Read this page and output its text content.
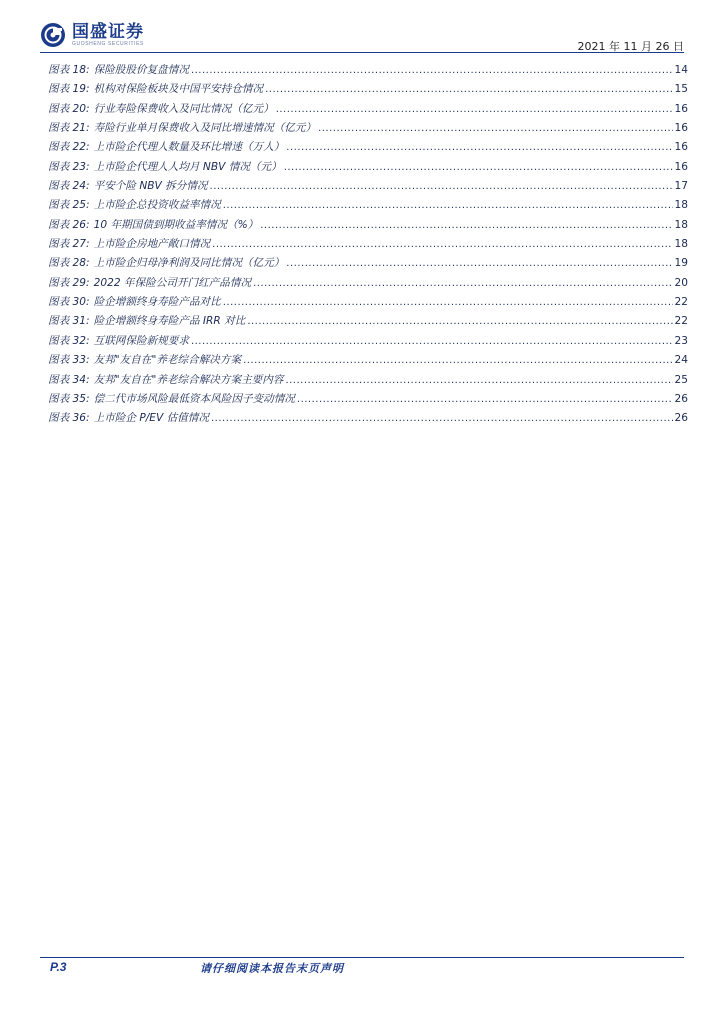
国盛证券
GUOSHENG SECURITIES	2021 年 11 月 26 日
图表 18: 保险股股价复盘情况 .....	14
图表 19: 机构对保险板块及中国平安持仓情况 .....	15
图表 20: 行业寿险保费收入及同比情况（亿元） .....	16
图表 21: 寿险行业单月保费收入及同比增速情况（亿元） .....	16
图表 22: 上市险企代理人数量及环比增速（万人） .....	16
图表 23: 上市险企代理人人均月 NBV 情况（元） .....	16
图表 24: 平安个险 NBV 拆分情况 .....	17
图表 25: 上市险企总投资收益率情况 .....	18
图表 26: 10 年期国债到期收益率情况（%） .....	18
图表 27: 上市险企房地产敞口情况 .....	18
图表 28: 上市险企归母净利润及同比情况（亿元） .....	19
图表 29: 2022 年保险公司开门红产品情况 .....	20
图表 30: 险企增额终身寿险产品对比 .....	22
图表 31: 险企增额终身寿险产品 IRR 对比 .....	22
图表 32: 互联网保险新规要求 .....	23
图表 33: 友邦"友自在"养老综合解决方案 .....	24
图表 34: 友邦"友自在"养老综合解决方案主要内容 .....	25
图表 35: 偿二代市场风险最低资本风险因子变动情况 .....	26
图表 36: 上市险企 P/EV 估值情况 .....	26
P.3	请仔细阅读本报告末页声明
